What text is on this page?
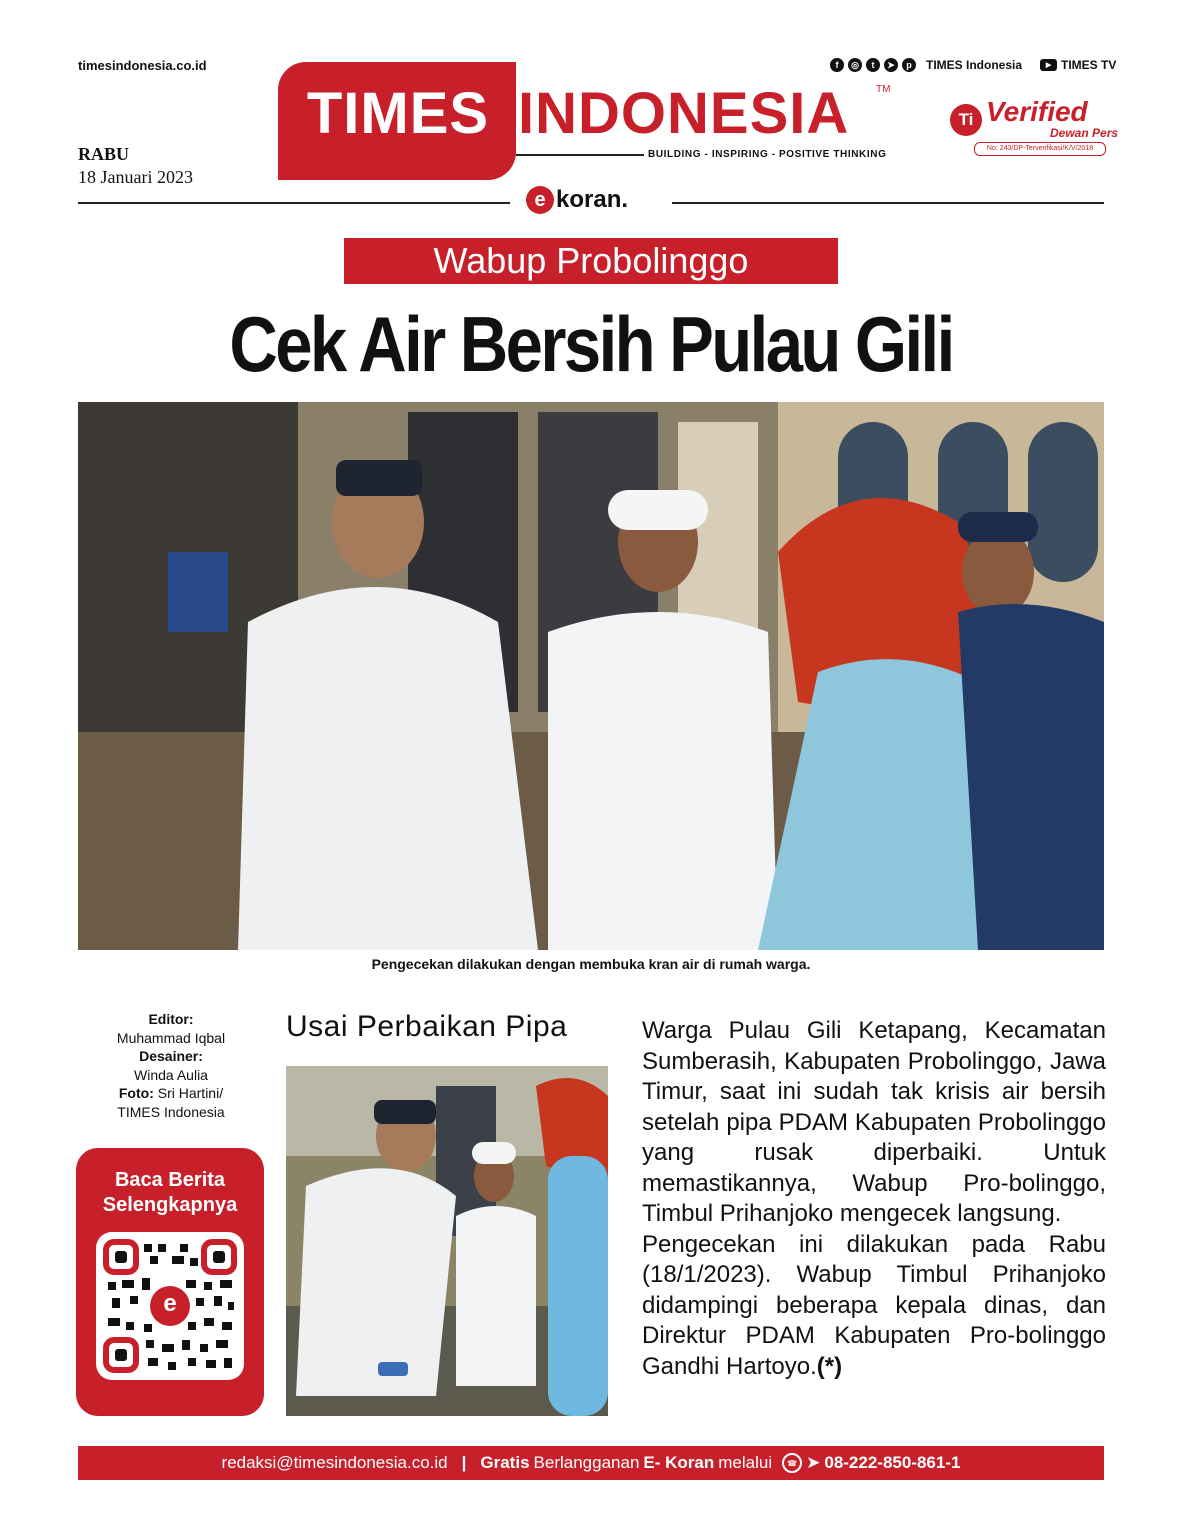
timesindonesia.co.id
RABU
18 Januari 2023
TIMES INDONESIA	TM
BUILDING - INSPIRING - POSITIVE THINKING
f	◎	t	➤	p	TIMES Indonesia	▶ TIMES TV
Ti Verified
Dewan Pers
No: 243/DP-Terverifikasi/K/V/2018
e koran.
Wabup Probolinggo
Cek Air Bersih Pulau Gili
Pengecekan dilakukan dengan membuka kran air di rumah warga.
Editor:
Muhammad Iqbal
Desainer:
Winda Aulia
Foto: Sri Hartini/
TIMES Indonesia
Baca Berita
Selengkapnya
e
Usai Perbaikan Pipa	Warga Pulau Gili Ketapang, Kecamatan Sumberasih, Kabupaten Probolinggo, Jawa Timur, saat ini sudah tak krisis air bersih setelah pipa PDAM Kabupaten Probolinggo yang rusak diperbaiki. Untuk memastikannya, Wabup Pro-bolinggo, Timbul Prihanjoko mengecek langsung.

Pengecekan ini dilakukan pada Rabu (18/1/2023). Wabup Timbul Prihanjoko didampingi beberapa kepala dinas, dan Direktur PDAM Kabupaten Pro-bolinggo Gandhi Hartoyo.(*)

redaksi@timesindonesia.co.id | Gratis Berlangganan E- Koran melalui	☎ ➤ 08-222-850-861-1
